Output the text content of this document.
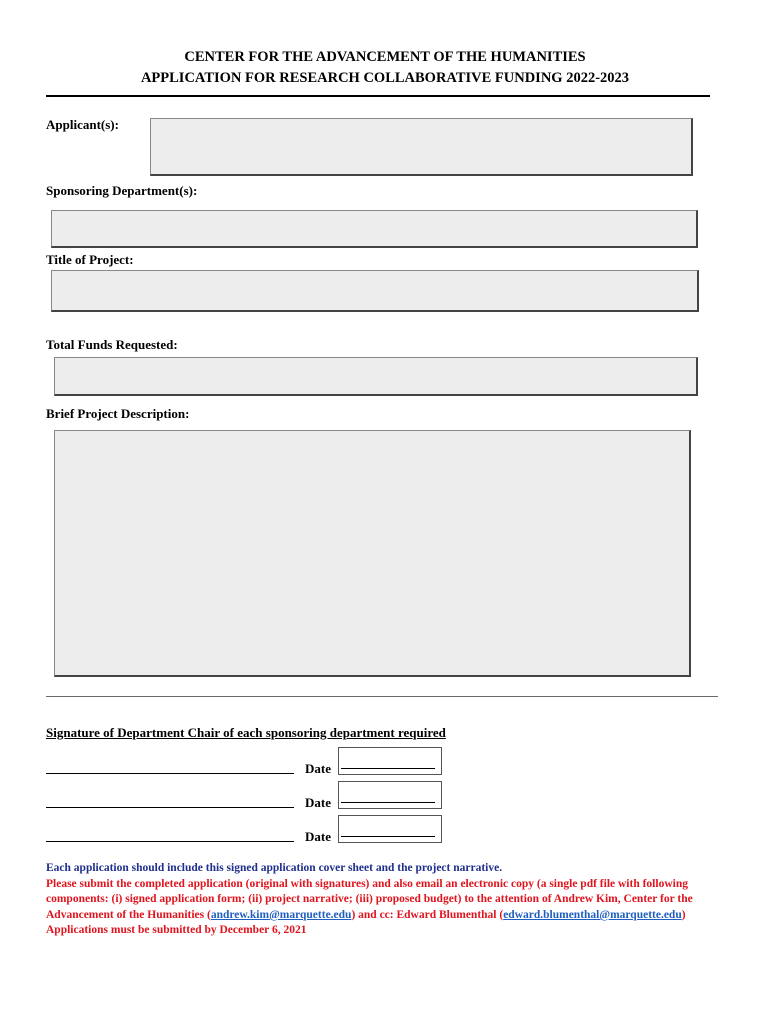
CENTER FOR THE ADVANCEMENT OF THE HUMANITIES
APPLICATION FOR RESEARCH COLLABORATIVE FUNDING 2022-2023
Applicant(s):
Sponsoring Department(s):
Title of Project:
Total Funds Requested:
Brief Project Description:
________________________________________________________________________________________________________________
Signature of Department Chair of each sponsoring department required
Date
Date
Date
Each application should include this signed application cover sheet and the project narrative.
Please submit the completed application (original with signatures) and also email an electronic copy (a single pdf file with following components: (i) signed application form; (ii) project narrative; (iii) proposed budget) to the attention of Andrew Kim, Center for the Advancement of the Humanities (andrew.kim@marquette.edu) and cc: Edward Blumenthal (edward.blumenthal@marquette.edu)
Applications must be submitted by December 6, 2021
